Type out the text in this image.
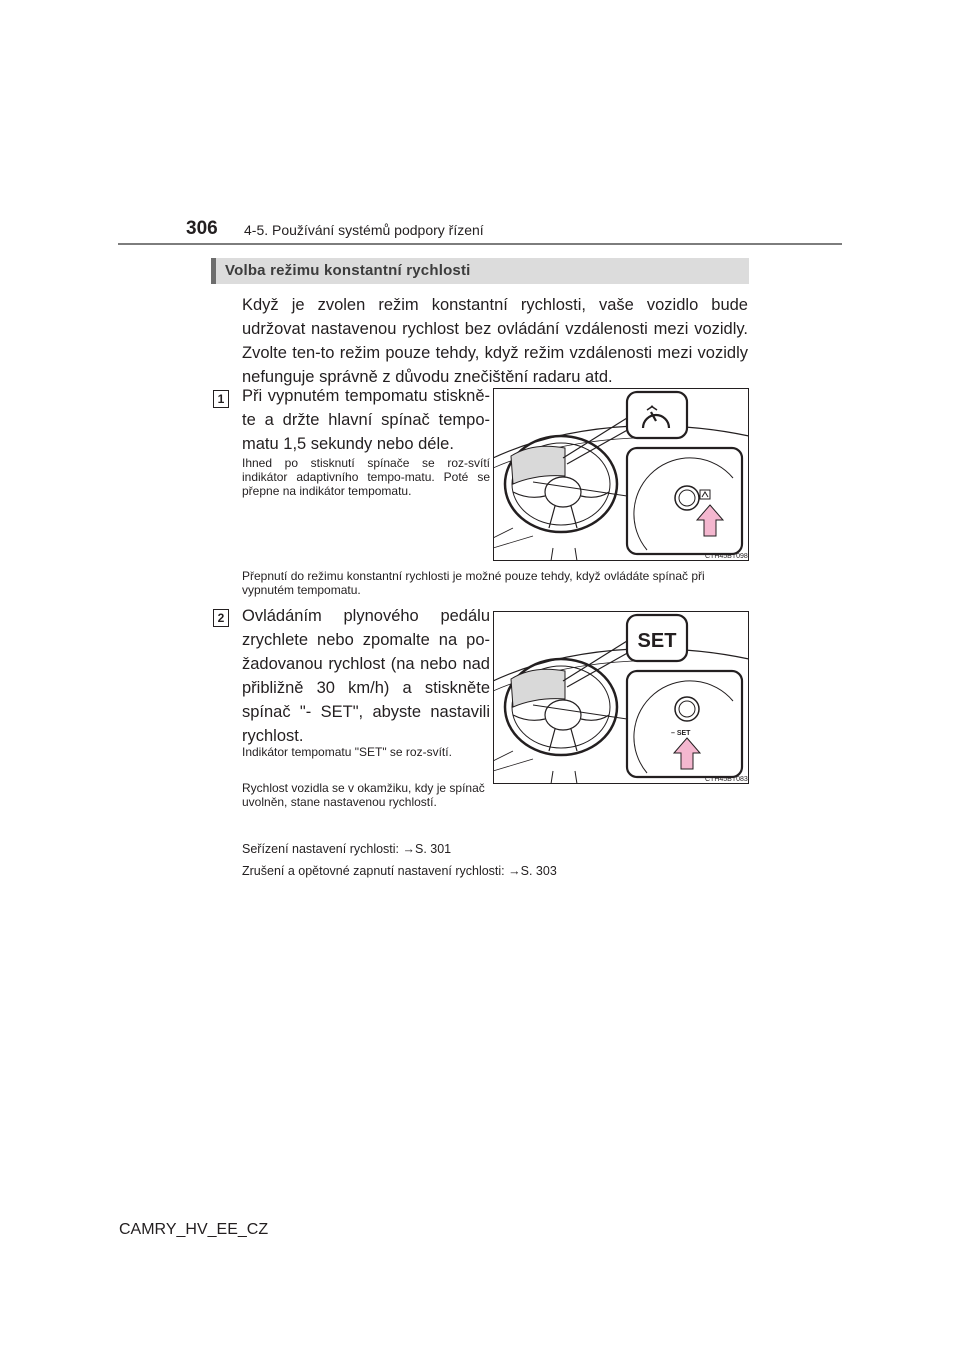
306 4-5. Používání systémů podpory řízení
Volba režimu konstantní rychlosti
Když je zvolen režim konstantní rychlosti, vaše vozidlo bude udržovat nastavenou rychlost bez ovládání vzdálenosti mezi vozidly. Zvolte ten-to režim pouze tehdy, když režim vzdálenosti mezi vozidly nefunguje správně z důvodu znečištění radaru atd.
1 Při vypnutém tempomatu stiskně-te a držte hlavní spínač tempo-matu 1,5 sekundy nebo déle.
Ihned po stisknutí spínače se roz-svítí indikátor adaptivního tempo-matu. Poté se přepne na indikátor tempomatu.
CTH45BT098
Přepnutí do režimu konstantní rychlosti je možné pouze tehdy, když ovládáte spínač při vypnutém tempomatu.
2 Ovládáním plynového pedálu zrychlete nebo zpomalte na po-žadovanou rychlost (na nebo nad přibližně 30 km/h) a stiskněte spínač "- SET", abyste nastavili rychlost.
Indikátor tempomatu "SET" se roz-svítí.
Rychlost vozidla se v okamžiku, kdy je spínač uvolněn, stane nastavenou rychlostí.
SET
– SET
CTH45BT083
Seřízení nastavení rychlosti: →S. 301
Zrušení a opětovné zapnutí nastavení rychlosti: →S. 303
CAMRY_HV_EE_CZ
